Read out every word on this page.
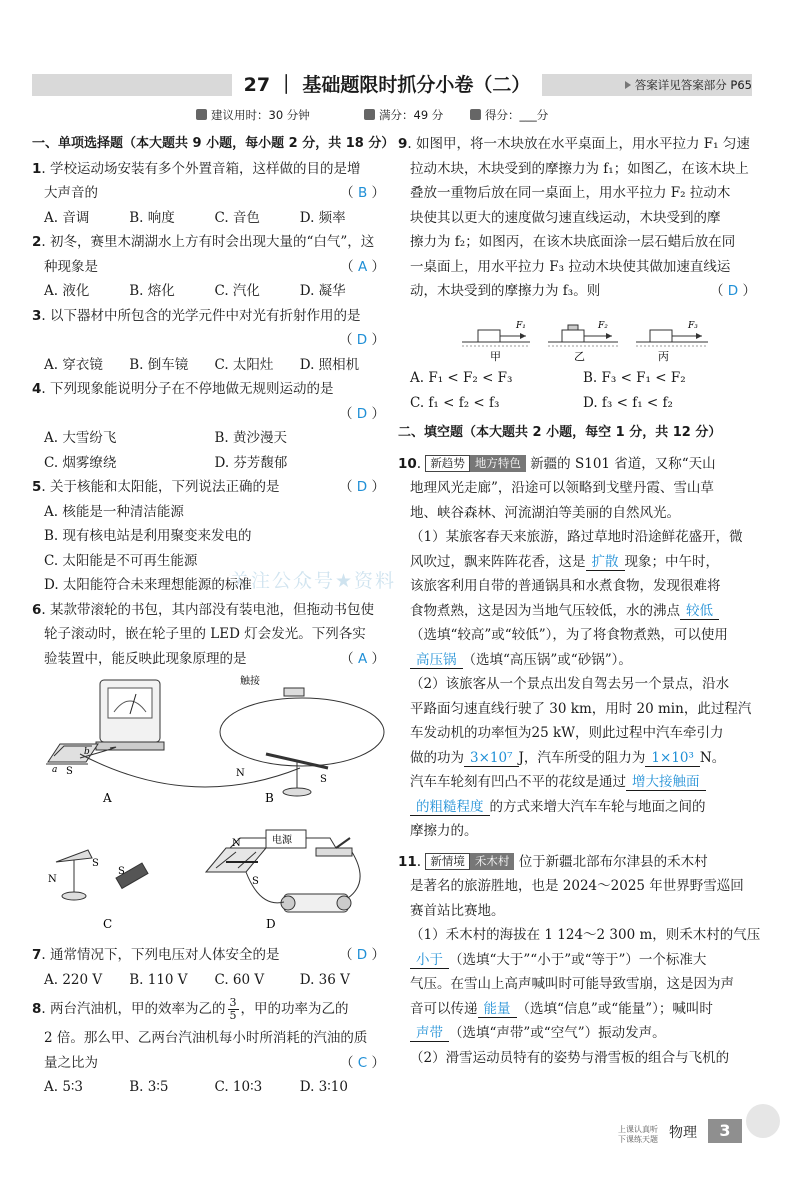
27 ｜ 基础题限时抓分小卷（二）	答案详见答案部分 P65
建议用时：30 分钟	满分：49 分	得分：___分
关注公众号★资料
一、单项选择题（本大题共 9 小题，每小题 2 分，共 18 分）
1. 学校运动场安装有多个外置音箱，这样做的目的是增
大声音的	（ B ）
A. 音调	B. 响度	C. 音色	D. 频率
2. 初冬，赛里木湖湖水上方有时会出现大量的“白气”，这
种现象是	（ A ）
A. 液化	B. 熔化	C. 汽化	D. 凝华
3. 以下器材中所包含的光学元件中对光有折射作用的是
（ D ）
A. 穿衣镜	B. 倒车镜	C. 太阳灶	D. 照相机
4. 下列现象能说明分子在不停地做无规则运动的是
（ D ）
A. 大雪纷飞	B. 黄沙漫天
C. 烟雾缭绕	D. 芬芳馥郁
5. 关于核能和太阳能，下列说法正确的是	（ D ）
A. 核能是一种清洁能源
B. 现有核电站是利用聚变来发电的
C. 太阳能是不可再生能源
D. 太阳能符合未来理想能源的标准
6. 某款带滚轮的书包，其内部没有装电池，但拖动书包使
轮子滚动时，嵌在轮子里的 LED 灯会发光。下列各实
验装置中，能反映此现象原理的是	（ A ）
a
b
S
A
触接
N
S
B
N
S
S
C
电源
N
S
D
7. 通常情况下，下列电压对人体安全的是	（ D ）
A. 220 V	B. 110 V	C. 60 V	D. 36 V
8. 两台汽油机，甲的效率为乙的 $\frac{3}{5}$ ，甲的功率为乙的
2 倍。那么甲、乙两台汽油机每小时所消耗的汽油的质
量之比为	（ C ）
A. 5∶3	B. 3∶5	C. 10∶3	D. 3∶10
9. 如图甲，将一木块放在水平桌面上，用水平拉力 F₁ 匀速
拉动木块，木块受到的摩擦力为 f₁；如图乙，在该木块上
叠放一重物后放在同一桌面上，用水平拉力 F₂ 拉动木
块使其以更大的速度做匀速直线运动，木块受到的摩
擦力为 f₂；如图丙，在该木块底面涂一层石蜡后放在同
一桌面上，用水平拉力 F₃ 拉动木块使其做加速直线运
动，木块受到的摩擦力为 f₃。则	（ D ）
F₁
甲
F₂
乙
F₃
丙
A. F₁ < F₂ < F₃	B. F₃ < F₁ < F₂
C. f₁ < f₂ < f₃	D. f₃ < f₁ < f₂
二、填空题（本大题共 2 小题，每空 1 分，共 12 分）
10. 新趋势 地方特色 新疆的 S101 省道，又称“天山
地理风光走廊”，沿途可以领略到戈壁丹霞、雪山草
地、峡谷森林、河流湖泊等美丽的自然风光。
（1）某旅客春天来旅游，路过草地时沿途鲜花盛开，微
风吹过，飘来阵阵花香，这是 扩散 现象；中午时，
该旅客利用自带的普通锅具和水煮食物，发现很难将
食物煮熟，这是因为当地气压较低，水的沸点 较低
（选填“较高”或“较低”），为了将食物煮熟，可以使用
高压锅 （选填“高压锅”或“砂锅”）。
（2）该旅客从一个景点出发自驾去另一个景点，沿水
平路面匀速直线行驶了 30 km，用时 20 min，此过程汽
车发动机的功率恒为25 kW，则此过程中汽车牵引力
做的功为 3×10⁷ J，汽车所受的阻力为 1×10³ N。
汽车车轮刻有凹凸不平的花纹是通过 增大接触面
的粗糙程度 的方式来增大汽车车轮与地面之间的
摩擦力的。
11. 新情境 禾木村 位于新疆北部布尔津县的禾木村
是著名的旅游胜地，也是 2024～2025 年世界野雪巡回
赛首站比赛地。
（1）禾木村的海拔在 1 124～2 300 m，则禾木村的气压
小于 （选填“大于”“小于”或“等于”）一个标准大
气压。在雪山上高声喊叫时可能导致雪崩，这是因为声
音可以传递 能量 （选填“信息”或“能量”）；喊叫时
声带 （选填“声带”或“空气”）振动发声。
（2）滑雪运动员特有的姿势与滑雪板的组合与飞机的
上课认真听
下课练天题 物理	3
